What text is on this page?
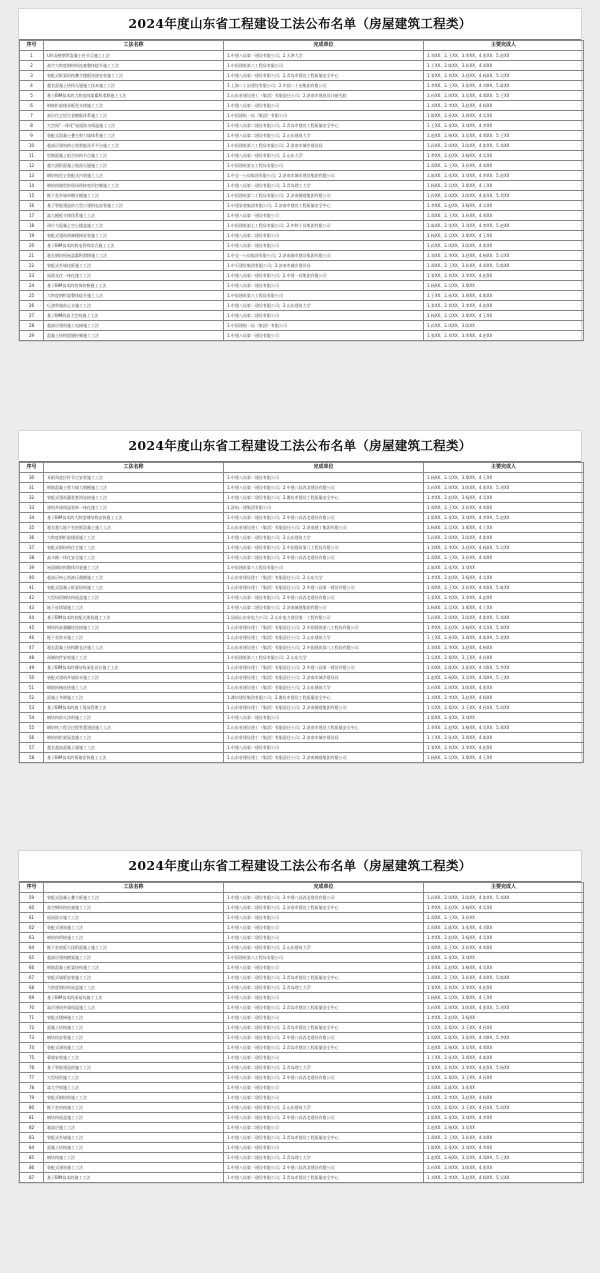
2024年度山东省工程建设工法公布名单（房屋建筑工程类）
序号	工法名称	完成单位	主要完成人
1	U形双壁钢管混凝土柱节点施工工法	1.中建八局第一建设有限公司；2.天津大学	1.刘XX、2.王XX、3.李XX、4.张XX、5.赵XX
2	高空大跨度钢结构连廊整体提升施工工法	1.中国建筑第八工程局有限公司	1.王XX、2.陈XX、3.孙XX、4.周XX
3	装配式框架结构叠合楼板快速安装施工工法	1.中建八局第一建设有限公司；2.青岛市建设工程质量安全中心	1.张XX、2.刘XX、3.赵XX、4.杨XX、5.吴XX
4	超长混凝土结构无缝施工技术施工工法	1.上海二十冶建设有限公司；2.中国二十冶集团有限公司	1.李XX、2.王XX、3.张XX、4.刘XX、5.陈XX
5	基于BIM技术的大跨度网架累积滑移施工工法	1.山东省建设建工（集团）有限责任公司；2.济南市建筑设计研究院	1.孙XX、2.周XX、3.吴XX、4.郑XX、5.王XX
6	钢筋桁架楼承板免支撑施工工法	1.中建八局第一建设有限公司	1.刘XX、2.李XX、3.赵XX、4.杨XX
7	高层住宅铝合金模板体系施工工法	1.中国建筑一局（集团）有限公司	1.陈XX、2.孙XX、3.周XX、4.吴XX
8	大空间“一体化”屋面防水保温施工工法	1.中建八局第二建设有限公司；2.青岛市建设工程质量安全中心	1.王XX、2.张XX、3.刘XX、4.李XX
9	装配式混凝土叠合剪力墙体系施工工法	1.中建八局第二建设有限公司；2.山东建筑大学	1.赵XX、2.杨XX、3.吴XX、4.郑XX、5.王XX
10	超高层建筑核心筒智能顶升平台施工工法	1.中国建筑第八工程局有限公司；2.济南市城乡建设局	1.孙XX、2.周XX、3.陈XX、4.张XX、5.刘XX
11	型钢混凝土组合结构节点施工工法	1.中建八局第一建设有限公司；2.山东大学	1.李XX、2.赵XX、3.杨XX、4.吴XX
12	超大面积混凝土地面无缝施工工法	1.中国建筑第五工程局有限公司	1.郑XX、2.王XX、3.孙XX、4.周XX
13	钢结构住宅装配式内装施工工法	1.中交一公局集团有限公司；2.济南市城市建设集团有限公司	1.陈XX、2.张XX、3.刘XX、4.李XX、5.赵XX
14	钢结构箱型柱现场焊接变形控制施工工法	1.中建八局第一建设有限公司；2.青岛理工大学	1.杨XX、2.吴XX、3.郑XX、4.王XX
15	地下室外墙单侧支模施工工法	1.中国建筑第二工程局有限公司；2.济南城建集团有限公司	1.孙XX、2.周XX、3.陈XX、4.张XX、5.刘XX
16	基于智能建造的大型公建机电安装施工工法	1.中建安装集团有限公司；2.济南市建设工程质量安全中心	1.李XX、2.赵XX、3.杨XX、4.吴XX
17	高大模板支撑体系施工工法	1.中建八局第一建设有限公司	1.郑XX、2.王XX、3.孙XX、4.周XX
18	预应力混凝土空心楼盖施工工法	1.中国建筑第七工程局有限公司；2.中铁十局集团有限公司	1.陈XX、2.张XX、3.刘XX、4.李XX、5.赵XX
19	装配式建筑预制楼梯安装施工工法	1.中建八局第二建设有限公司	1.杨XX、2.吴XX、3.郑XX、4.王XX
20	基于BIM技术的机电管线综合施工工法	1.中建八局第一建设有限公司	1.孙XX、2.周XX、3.陈XX、4.张XX
21	超长钢结构屋盖累积滑移施工工法	1.中交一公局集团有限公司；2.济南城市建设集团有限公司	1.刘XX、2.李XX、3.赵XX、4.杨XX、5.吴XX
22	装配式外墙挂板施工工法	1.中天建设集团有限公司；2.济南市城乡建设局	1.郑XX、2.王XX、3.孙XX、4.周XX、5.陈XX
23	屋面光伏一体化施工工法	1.中建八局第一建设有限公司；2.中建一局集团有限公司	1.张XX、2.刘XX、3.李XX、4.赵XX
24	基于BIM技术的装饰装修施工工法	1.中建八局第一建设有限公司	1.杨XX、2.吴XX、3.郑XX
25	大跨度钢桁架整体提升施工工法	1.中国建筑第八工程局有限公司	1.王XX、2.孙XX、3.周XX、4.陈XX
26	后浇带超前止水施工工法	1.中建八局第一建设有限公司；2.山东建筑大学	1.张XX、2.刘XX、3.李XX、4.赵XX
27	基于BIM的高大空间施工工法	1.中建八局第二建设有限公司	1.杨XX、2.吴XX、3.郑XX、4.王XX
28	超高层建筑施工电梯施工工法	1.中国建筑一局（集团）有限公司	1.孙XX、2.周XX、3.陈XX
29	混凝土结构裂缝控制施工工法	1.中建八局第一建设有限公司	1.张XX、2.刘XX、3.李XX、4.赵XX
2024年度山东省工程建设工法公布名单（房屋建筑工程类）
序号	工法名称	完成单位	主要完成人
30	耳板角度拉杆节点安装施工工法	1.中建八局第一建设有限公司	1.杨XX、2.吴XX、3.郑XX、4.王XX
31	钢筋混凝土剪力墙大钢模施工工法	1.中建八局第一建设有限公司；2.中建八局西北建设有限公司	1.孙XX、2.周XX、3.陈XX、4.张XX、5.刘XX
32	装配式建筑灌浆套筒连接施工工法	1.中建八局第二建设有限公司；2.潍坊市建设工程质量安全中心	1.李XX、2.赵XX、3.杨XX、4.吴XX
33	建筑外墙保温装饰一体化施工工法	1.济南一建集团有限公司	1.郑XX、2.王XX、3.孙XX、4.周XX
34	基于BIM技术的大跨度钢结构安装施工工法	1.中建八局第一建设有限公司；2.中建八局西北建设有限公司	1.陈XX、2.张XX、3.刘XX、4.李XX、5.赵XX
35	超长超大地下室底板混凝土施工工法	1.山东省建设建工（集团）有限责任公司；2.济南建工集团有限公司	1.杨XX、2.吴XX、3.郑XX、4.王XX
36	大跨度钢桁架楼面施工工法	1.中建八局第一建设有限公司；2.山东建筑大学	1.孙XX、2.周XX、3.陈XX、4.张XX
37	装配式钢结构住宅施工工法	1.中建八局第一建设有限公司；2.中国建筑第八工程局有限公司	1.刘XX、2.李XX、3.赵XX、4.杨XX、5.吴XX
38	高支模一体化安全施工工法	1.中建八局第二建设有限公司；2.中建八局西北建设有限公司	1.郑XX、2.王XX、3.孙XX、4.周XX
39	屋面钢结构整体吊装施工工法	1.中国建筑第八工程局有限公司	1.陈XX、2.张XX、3.刘XX
40	超高层核心筒液压爬模施工工法	1.山东省建设建工（集团）有限责任公司；2.山东大学	1.李XX、2.赵XX、3.杨XX、4.吴XX
41	装配式混凝土框架结构施工工法	1.山东省建设建工（集团）有限责任公司；2.中建八局第一建设有限公司	1.郑XX、2.王XX、3.孙XX、4.周XX、5.陈XX
42	大型场馆钢结构屋盖施工工法	1.中建八局第一建设有限公司；2.中建八局西北建设有限公司	1.张XX、2.刘XX、3.李XX、4.赵XX
43	地下连续墙施工工法	1.中建八局第二建设有限公司；2.济南城建集团有限公司	1.杨XX、2.吴XX、3.郑XX、4.王XX
44	基于BIM技术的装配式建筑施工工法	1.国网山东省电力公司；2.山东电力建设第一工程有限公司	1.孙XX、2.周XX、3.陈XX、4.张XX、5.刘XX
45	钢结构高强螺栓连接施工工法	1.山东省建设建工（集团）有限责任公司；2.中国建筑第八工程局有限公司	1.李XX、2.赵XX、3.杨XX、4.吴XX、5.郑XX
46	地下室防水施工工法	1.山东省建设建工（集团）有限责任公司；2.山东建筑大学	1.王XX、2.孙XX、3.周XX、4.陈XX、5.张XX
47	超长混凝土结构跳仓法施工工法	1.山东省建设建工（集团）有限责任公司；2.中国建筑第八工程局有限公司	1.刘XX、2.李XX、3.赵XX、4.杨XX
48	预制构件安装施工工法	1.中国建筑第八工程局有限公司；2.山东大学	1.吴XX、2.郑XX、3.王XX、4.孙XX
49	基于BIM技术的钢结构深化设计施工工法	1.山东省建设建工（集团）有限责任公司；2.中建八局第一建设有限公司	1.周XX、2.陈XX、3.张XX、4.刘XX、5.李XX
50	装配式建筑外墙防水施工工法	1.山东省建设建工（集团）有限责任公司；2.济南市城乡建设局	1.赵XX、2.杨XX、3.吴XX、4.郑XX、5.王XX
51	钢筋机械连接施工工法	1.山东省建设建工（集团）有限责任公司；2.山东建筑大学	1.孙XX、2.周XX、3.陈XX、4.张XX
52	混凝土冬期施工工法	1.潍坊建设集团有限公司；2.潍坊市建设工程质量安全中心	1.刘XX、2.李XX、3.赵XX、4.杨XX
53	基于BIM技术的施工现场管理工法	1.山东省建设建工（集团）有限责任公司；2.济南城建集团有限公司	1.吴XX、2.郑XX、3.王XX、4.孙XX、5.周XX
54	钢结构防火涂料施工工法	1.中建八局第一建设有限公司	1.陈XX、2.张XX、3.刘XX
55	钢结构工程全过程智慧建造施工工法	1.山东省建设建工（集团）有限责任公司；2.济南市建设工程质量安全中心	1.李XX、2.赵XX、3.杨XX、4.吴XX、5.郑XX
56	钢结构桁架屋盖施工工法	1.山东省建设建工（集团）有限责任公司；2.济南市城乡建设局	1.王XX、2.孙XX、3.周XX、4.陈XX
57	超长超高混凝土墙施工工法	1.中建八局第一建设有限公司	1.张XX、2.刘XX、3.李XX、4.赵XX
58	基于BIM技术的幕墙安装施工工法	1.山东省建设建工（集团）有限责任公司；2.济南城建集团有限公司	1.杨XX、2.吴XX、3.郑XX、4.王XX
2024年度山东省工程建设工法公布名单（房屋建筑工程类）
序号	工法名称	完成单位	主要完成人
59	装配式混凝土叠合板施工工法	1.中建八局第一建设有限公司；2.中建八局西北建设有限公司	1.孙XX、2.周XX、3.陈XX、4.张XX、5.刘XX
60	高空钢结构连廊施工工法	1.中建八局第二建设有限公司；2.济南市建设工程质量安全中心	1.李XX、2.赵XX、3.杨XX、4.吴XX
61	屋面防水施工工法	1.中建八局第一建设有限公司	1.郑XX、2.王XX、3.孙XX
62	装配式建筑施工工法	1.中建八局第一建设有限公司	1.周XX、2.陈XX、3.张XX、4.刘XX
63	钢结构焊接施工工法	1.中建八局第二建设有限公司	1.李XX、2.赵XX、3.杨XX、4.吴XX
64	地下室底板大体积混凝土施工工法	1.中建八局第一建设有限公司；2.山东建筑大学	1.郑XX、2.王XX、3.孙XX、4.周XX
65	超高层建筑模架施工工法	1.中国建筑第八工程局有限公司	1.陈XX、2.张XX、3.刘XX
66	钢筋混凝土框架结构施工工法	1.中建八局第一建设有限公司	1.李XX、2.赵XX、3.杨XX、4.吴XX
67	装配式墙板安装施工工法	1.中建八局第一建设有限公司；2.青岛市建设工程质量安全中心	1.郑XX、2.王XX、3.孙XX、4.周XX、5.陈XX
68	大跨度钢结构屋盖施工工法	1.中建八局第二建设有限公司；2.青岛理工大学	1.张XX、2.刘XX、3.李XX、4.赵XX
69	基于BIM技术的深基坑施工工法	1.中建八局第一建设有限公司	1.杨XX、2.吴XX、3.郑XX、4.王XX
70	高层建筑外墙保温施工工法	1.中建八局第一建设有限公司；2.青岛市建设工程质量安全中心	1.孙XX、2.周XX、3.陈XX、4.张XX、5.刘XX
71	装配式楼梯施工工法	1.中建八局第一建设有限公司	1.李XX、2.赵XX、3.杨XX
72	混凝土结构施工工法	1.中建八局第二建设有限公司；2.青岛市建设工程质量安全中心	1.吴XX、2.郑XX、3.王XX、4.孙XX
73	钢结构安装施工工法	1.中建八局第一建设有限公司；2.中建八局西北建设有限公司	1.周XX、2.陈XX、3.张XX、4.刘XX、5.李XX
74	装配式建筑施工工法	1.中建八局第一建设有限公司；2.青岛市建设工程质量安全中心	1.赵XX、2.杨XX、3.吴XX、4.郑XX
75	幕墙安装施工工法	1.中建八局第一建设有限公司	1.王XX、2.孙XX、3.周XX、4.陈XX
76	基于智能建造的施工工法	1.中建八局第二建设有限公司；2.青岛理工大学	1.张XX、2.刘XX、3.李XX、4.赵XX、5.杨XX
77	大型场馆施工工法	1.中建八局第一建设有限公司；2.中建八局西北建设有限公司	1.吴XX、2.郑XX、3.王XX、4.孙XX
78	高大空间施工工法	1.中建八局第一建设有限公司	1.周XX、2.陈XX、3.张XX
79	装配式钢结构施工工法	1.中建八局第二建设有限公司	1.刘XX、2.李XX、3.赵XX、4.杨XX
80	地下室结构施工工法	1.中建八局第一建设有限公司；2.山东建筑大学	1.吴XX、2.郑XX、3.王XX、4.孙XX、5.周XX
81	钢结构屋盖施工工法	1.中建八局第一建设有限公司；2.中建八局西北建设有限公司	1.陈XX、2.张XX、3.刘XX、4.李XX
82	超高层施工工法	1.中建八局第二建设有限公司	1.赵XX、2.杨XX、3.吴XX
83	装配式外墙施工工法	1.中建八局第一建设有限公司；2.青岛市建设工程质量安全中心	1.郑XX、2.王XX、3.孙XX、4.周XX
84	混凝土结构施工工法	1.中建八局第一建设有限公司	1.陈XX、2.张XX、3.刘XX、4.李XX
85	钢结构施工工法	1.中建八局第二建设有限公司；2.青岛理工大学	1.赵XX、2.杨XX、3.吴XX、4.郑XX、5.王XX
86	装配式建筑施工工法	1.中建八局第一建设有限公司；2.中建八局西北建设有限公司	1.孙XX、2.周XX、3.陈XX、4.张XX
87	基于BIM技术的施工工法	1.中建八局第一建设有限公司；2.青岛市建设工程质量安全中心	1.刘XX、2.李XX、3.赵XX、4.杨XX、5.吴XX
